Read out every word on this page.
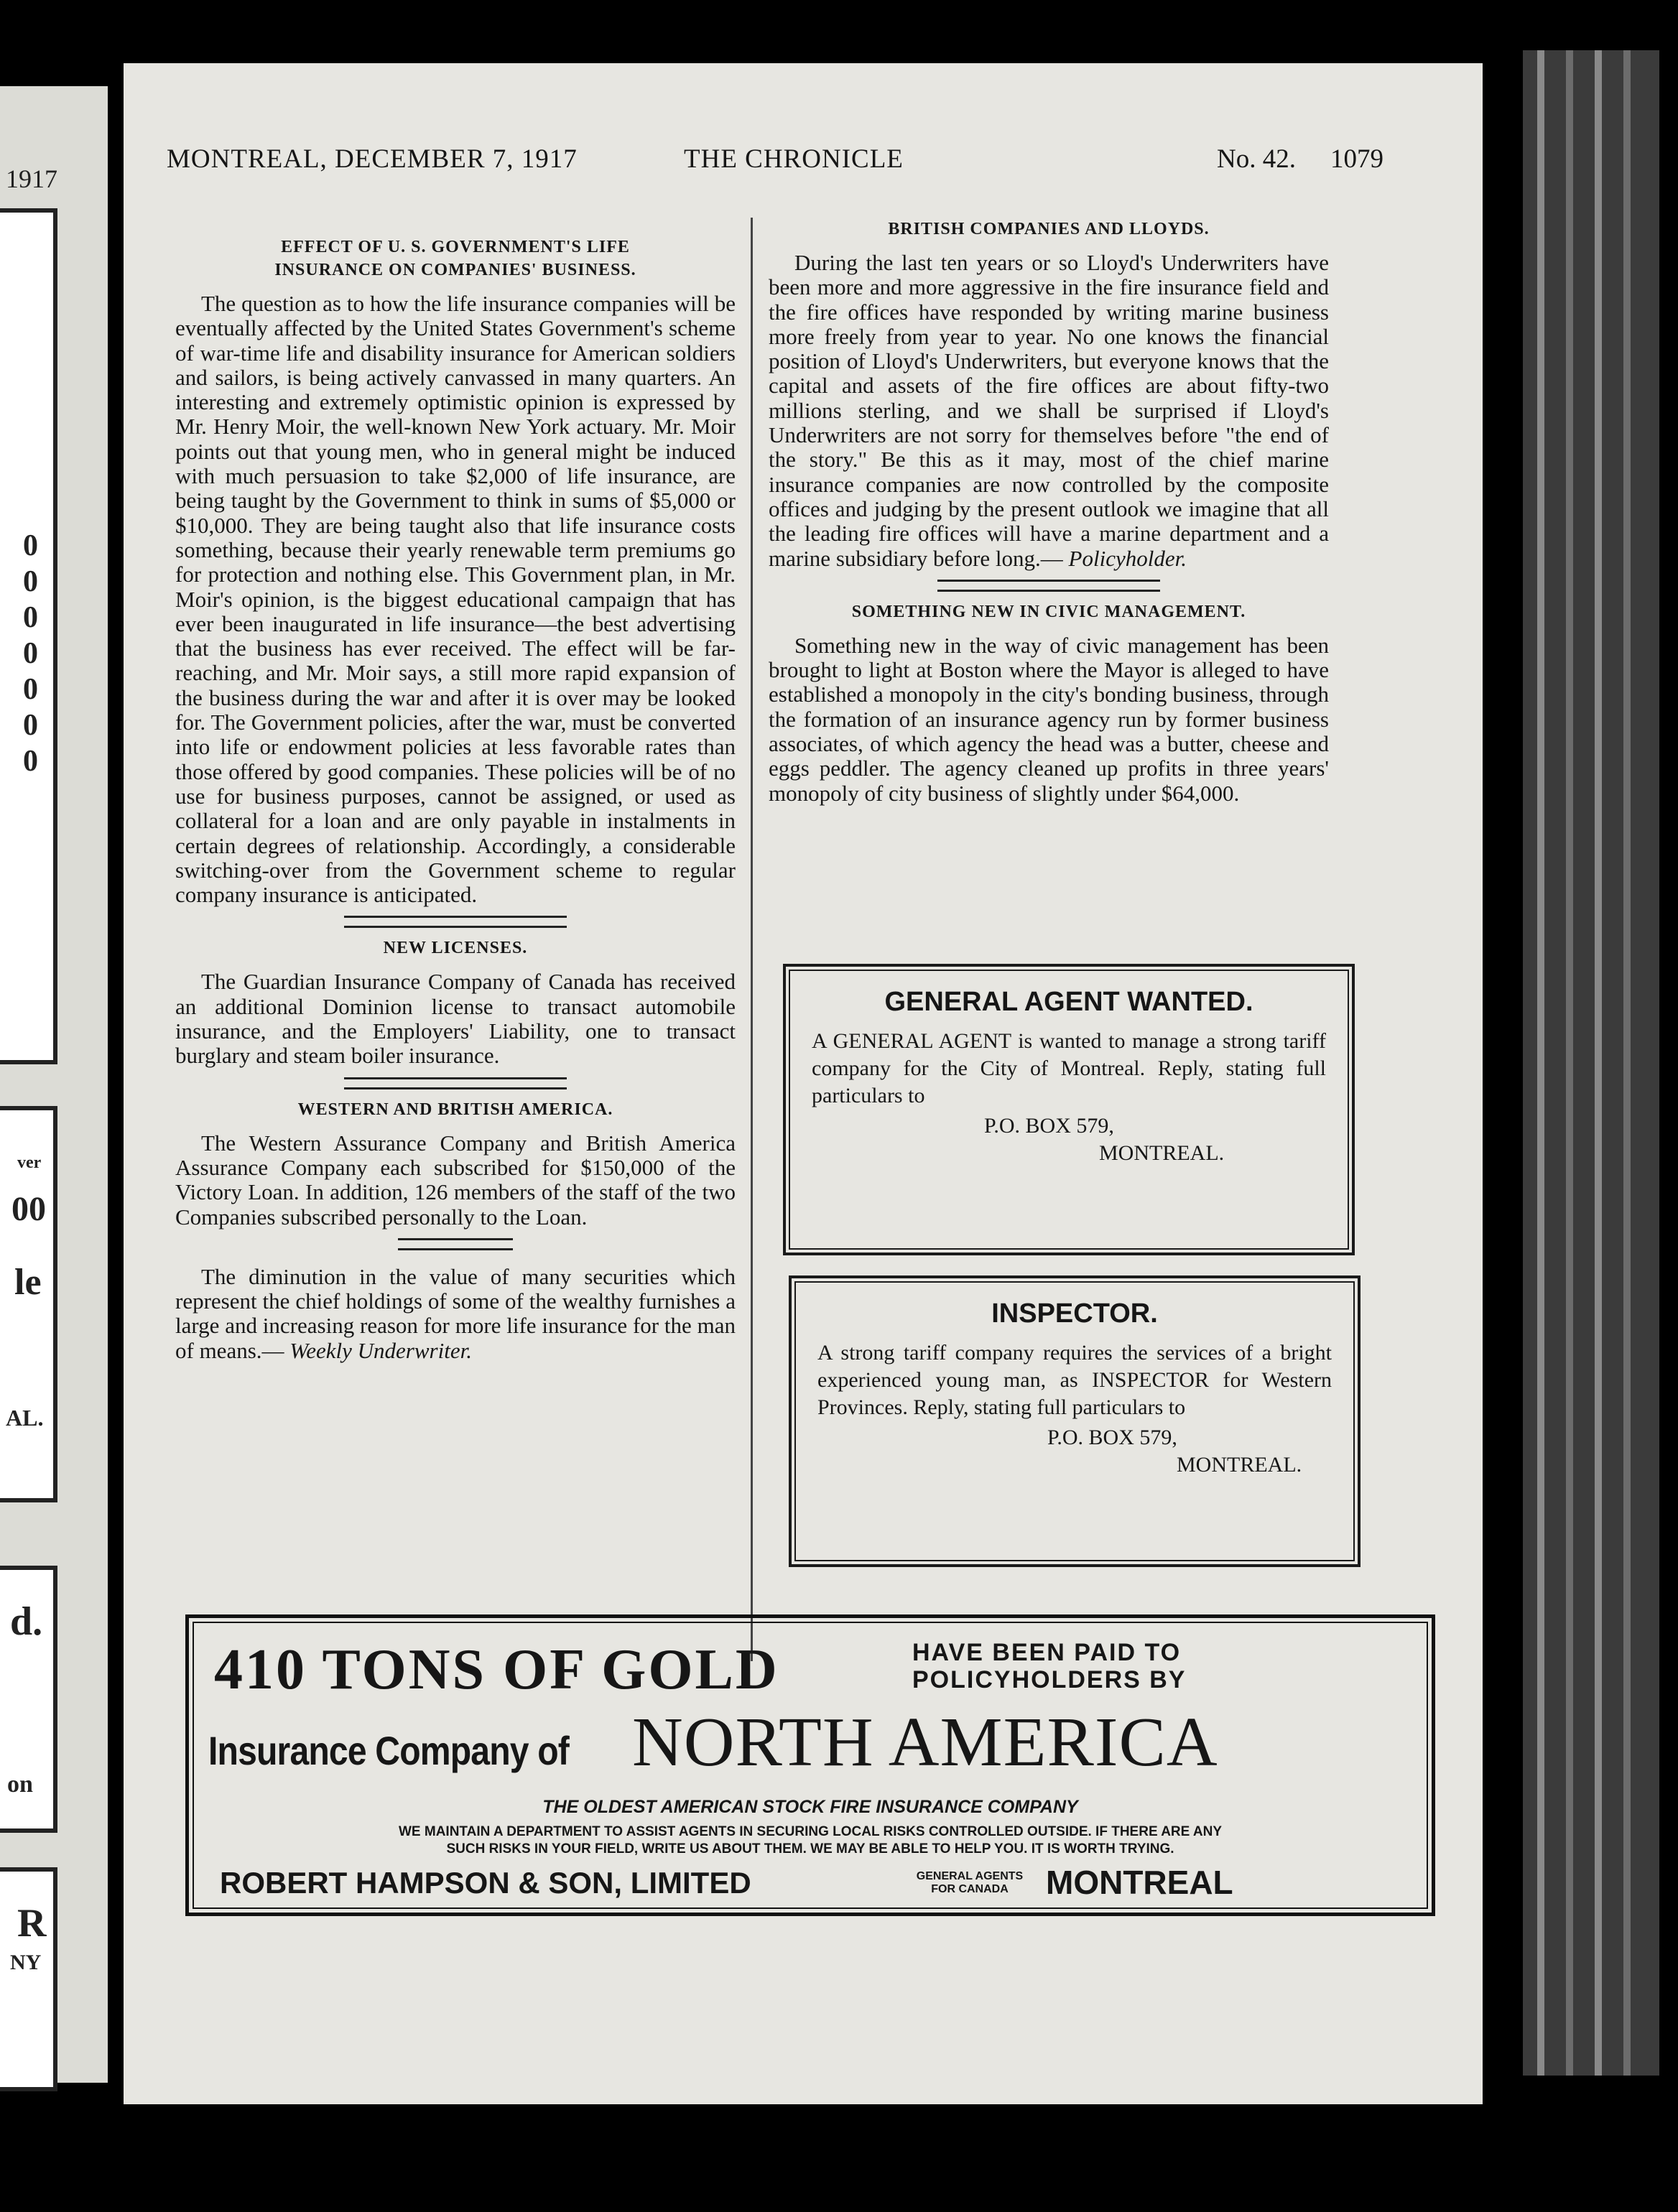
1917
0
0
0
0
0
0
0
ver
00
le
AL.
d.
on
R
NY
MONTREAL, DECEMBER 7, 1917	THE CHRONICLE	No. 42. 1079
EFFECT OF U. S. GOVERNMENT'S LIFE
INSURANCE ON COMPANIES' BUSINESS.

The question as to how the life insurance companies will be eventually affected by the United States Government's scheme of war-time life and disability insurance for American soldiers and sailors, is being actively canvassed in many quarters. An interesting and extremely optimistic opinion is expressed by Mr. Henry Moir, the well-known New York actuary. Mr. Moir points out that young men, who in general might be induced with much persuasion to take $2,000 of life insurance, are being taught by the Government to think in sums of $5,000 or $10,000. They are being taught also that life insurance costs something, because their yearly renewable term premiums go for protection and nothing else. This Government plan, in Mr. Moir's opinion, is the biggest educational campaign that has ever been inaugurated in life insurance—the best advertising that the business has ever received. The effect will be far-reaching, and Mr. Moir says, a still more rapid expansion of the business during the war and after it is over may be looked for. The Government policies, after the war, must be converted into life or endowment policies at less favorable rates than those offered by good companies. These policies will be of no use for business purposes, cannot be assigned, or used as collateral for a loan and are only payable in instalments in certain degrees of relationship. Accordingly, a considerable switching-over from the Government scheme to regular company insurance is anticipated.

NEW LICENSES.

The Guardian Insurance Company of Canada has received an additional Dominion license to transact automobile insurance, and the Employers' Liability, one to transact burglary and steam boiler insurance.

WESTERN AND BRITISH AMERICA.

The Western Assurance Company and British America Assurance Company each subscribed for $150,000 of the Victory Loan. In addition, 126 members of the staff of the two Companies subscribed personally to the Loan.

The diminution in the value of many securities which represent the chief holdings of some of the wealthy furnishes a large and increasing reason for more life insurance for the man of means.— Weekly Underwriter.

BRITISH COMPANIES AND LLOYDS.

During the last ten years or so Lloyd's Underwriters have been more and more aggressive in the fire insurance field and the fire offices have responded by writing marine business more freely from year to year. No one knows the financial position of Lloyd's Underwriters, but everyone knows that the capital and assets of the fire offices are about fifty-two millions sterling, and we shall be surprised if Lloyd's Underwriters are not sorry for themselves before "the end of the story." Be this as it may, most of the chief marine insurance companies are now controlled by the composite offices and judging by the present outlook we imagine that all the leading fire offices will have a marine department and a marine subsidiary before long.— Policyholder.

SOMETHING NEW IN CIVIC MANAGEMENT.

Something new in the way of civic management has been brought to light at Boston where the Mayor is alleged to have established a monopoly in the city's bonding business, through the formation of an insurance agency run by former business associates, of which agency the head was a butter, cheese and eggs peddler. The agency cleaned up profits in three years' monopoly of city business of slightly under $64,000.

GENERAL AGENT WANTED.
A GENERAL AGENT is wanted to manage a strong tariff company for the City of Montreal. Reply, stating full particulars to
P.O. BOX 579,
MONTREAL.
INSPECTOR.
A strong tariff company requires the services of a bright experienced young man, as INSPECTOR for Western Provinces. Reply, stating full particulars to
P.O. BOX 579,
MONTREAL.
410 TONS OF GOLD	HAVE BEEN PAID TO
POLICYHOLDERS BY
Insurance Company of NORTH AMERICA
THE OLDEST AMERICAN STOCK FIRE INSURANCE COMPANY
WE MAINTAIN A DEPARTMENT TO ASSIST AGENTS IN SECURING LOCAL RISKS CONTROLLED OUTSIDE. IF THERE ARE ANY
SUCH RISKS IN YOUR FIELD, WRITE US ABOUT THEM. WE MAY BE ABLE TO HELP YOU. IT IS WORTH TRYING.
ROBERT HAMPSON & SON, LIMITED	GENERAL AGENTS
FOR CANADA	MONTREAL
